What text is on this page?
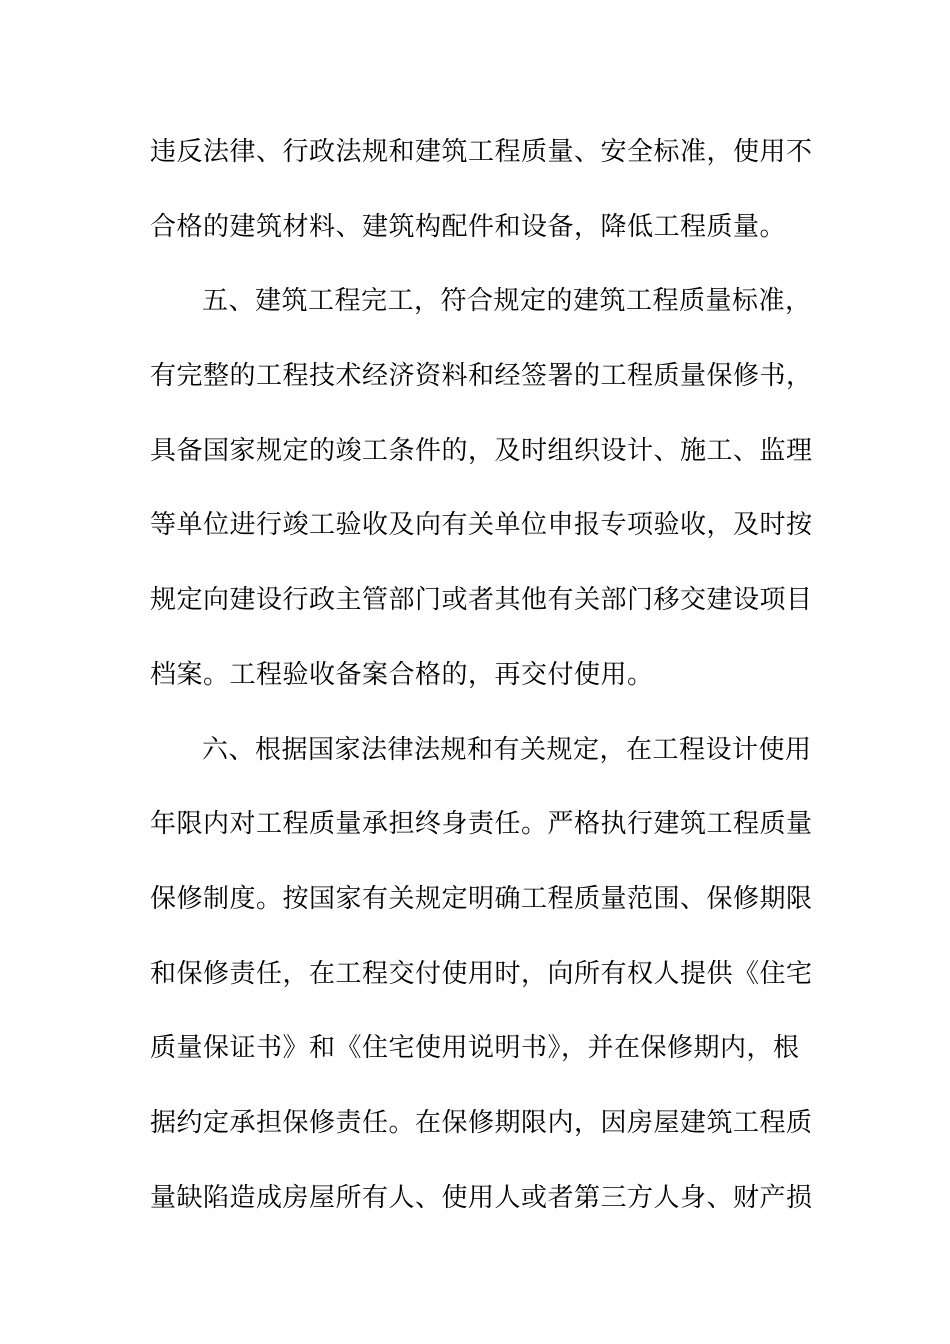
违反法律、行政法规和建筑工程质量、安全标准，使用不
合格的建筑材料、建筑构配件和设备，降低工程质量。
五、建筑工程完工，符合规定的建筑工程质量标准，
有完整的工程技术经济资料和经签署的工程质量保修书，
具备国家规定的竣工条件的，及时组织设计、施工、监理
等单位进行竣工验收及向有关单位申报专项验收，及时按
规定向建设行政主管部门或者其他有关部门移交建设项目
档案。工程验收备案合格的，再交付使用。
六、根据国家法律法规和有关规定，在工程设计使用
年限内对工程质量承担终身责任。严格执行建筑工程质量
保修制度。按国家有关规定明确工程质量范围、保修期限
和保修责任，在工程交付使用时，向所有权人提供《住宅
质量保证书》和《住宅使用说明书》，并在保修期内，根
据约定承担保修责任。在保修期限内，因房屋建筑工程质
量缺陷造成房屋所有人、使用人或者第三方人身、财产损
